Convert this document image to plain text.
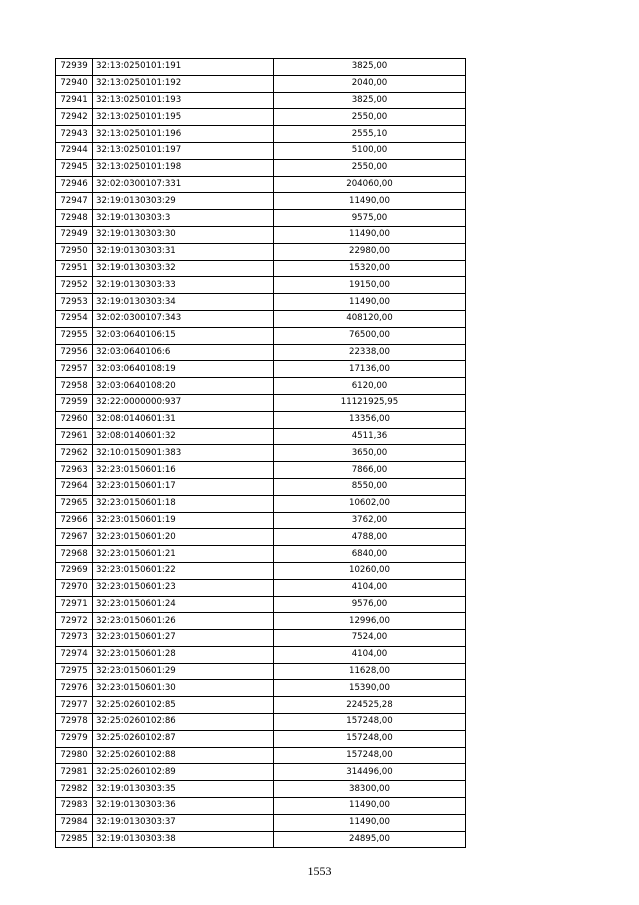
72939	32:13:0250101:191	3825,00
72940	32:13:0250101:192	2040,00
72941	32:13:0250101:193	3825,00
72942	32:13:0250101:195	2550,00
72943	32:13:0250101:196	2555,10
72944	32:13:0250101:197	5100,00
72945	32:13:0250101:198	2550,00
72946	32:02:0300107:331	204060,00
72947	32:19:0130303:29	11490,00
72948	32:19:0130303:3	9575,00
72949	32:19:0130303:30	11490,00
72950	32:19:0130303:31	22980,00
72951	32:19:0130303:32	15320,00
72952	32:19:0130303:33	19150,00
72953	32:19:0130303:34	11490,00
72954	32:02:0300107:343	408120,00
72955	32:03:0640106:15	76500,00
72956	32:03:0640106:6	22338,00
72957	32:03:0640108:19	17136,00
72958	32:03:0640108:20	6120,00
72959	32:22:0000000:937	11121925,95
72960	32:08:0140601:31	13356,00
72961	32:08:0140601:32	4511,36
72962	32:10:0150901:383	3650,00
72963	32:23:0150601:16	7866,00
72964	32:23:0150601:17	8550,00
72965	32:23:0150601:18	10602,00
72966	32:23:0150601:19	3762,00
72967	32:23:0150601:20	4788,00
72968	32:23:0150601:21	6840,00
72969	32:23:0150601:22	10260,00
72970	32:23:0150601:23	4104,00
72971	32:23:0150601:24	9576,00
72972	32:23:0150601:26	12996,00
72973	32:23:0150601:27	7524,00
72974	32:23:0150601:28	4104,00
72975	32:23:0150601:29	11628,00
72976	32:23:0150601:30	15390,00
72977	32:25:0260102:85	224525,28
72978	32:25:0260102:86	157248,00
72979	32:25:0260102:87	157248,00
72980	32:25:0260102:88	157248,00
72981	32:25:0260102:89	314496,00
72982	32:19:0130303:35	38300,00
72983	32:19:0130303:36	11490,00
72984	32:19:0130303:37	11490,00
72985	32:19:0130303:38	24895,00
1553
